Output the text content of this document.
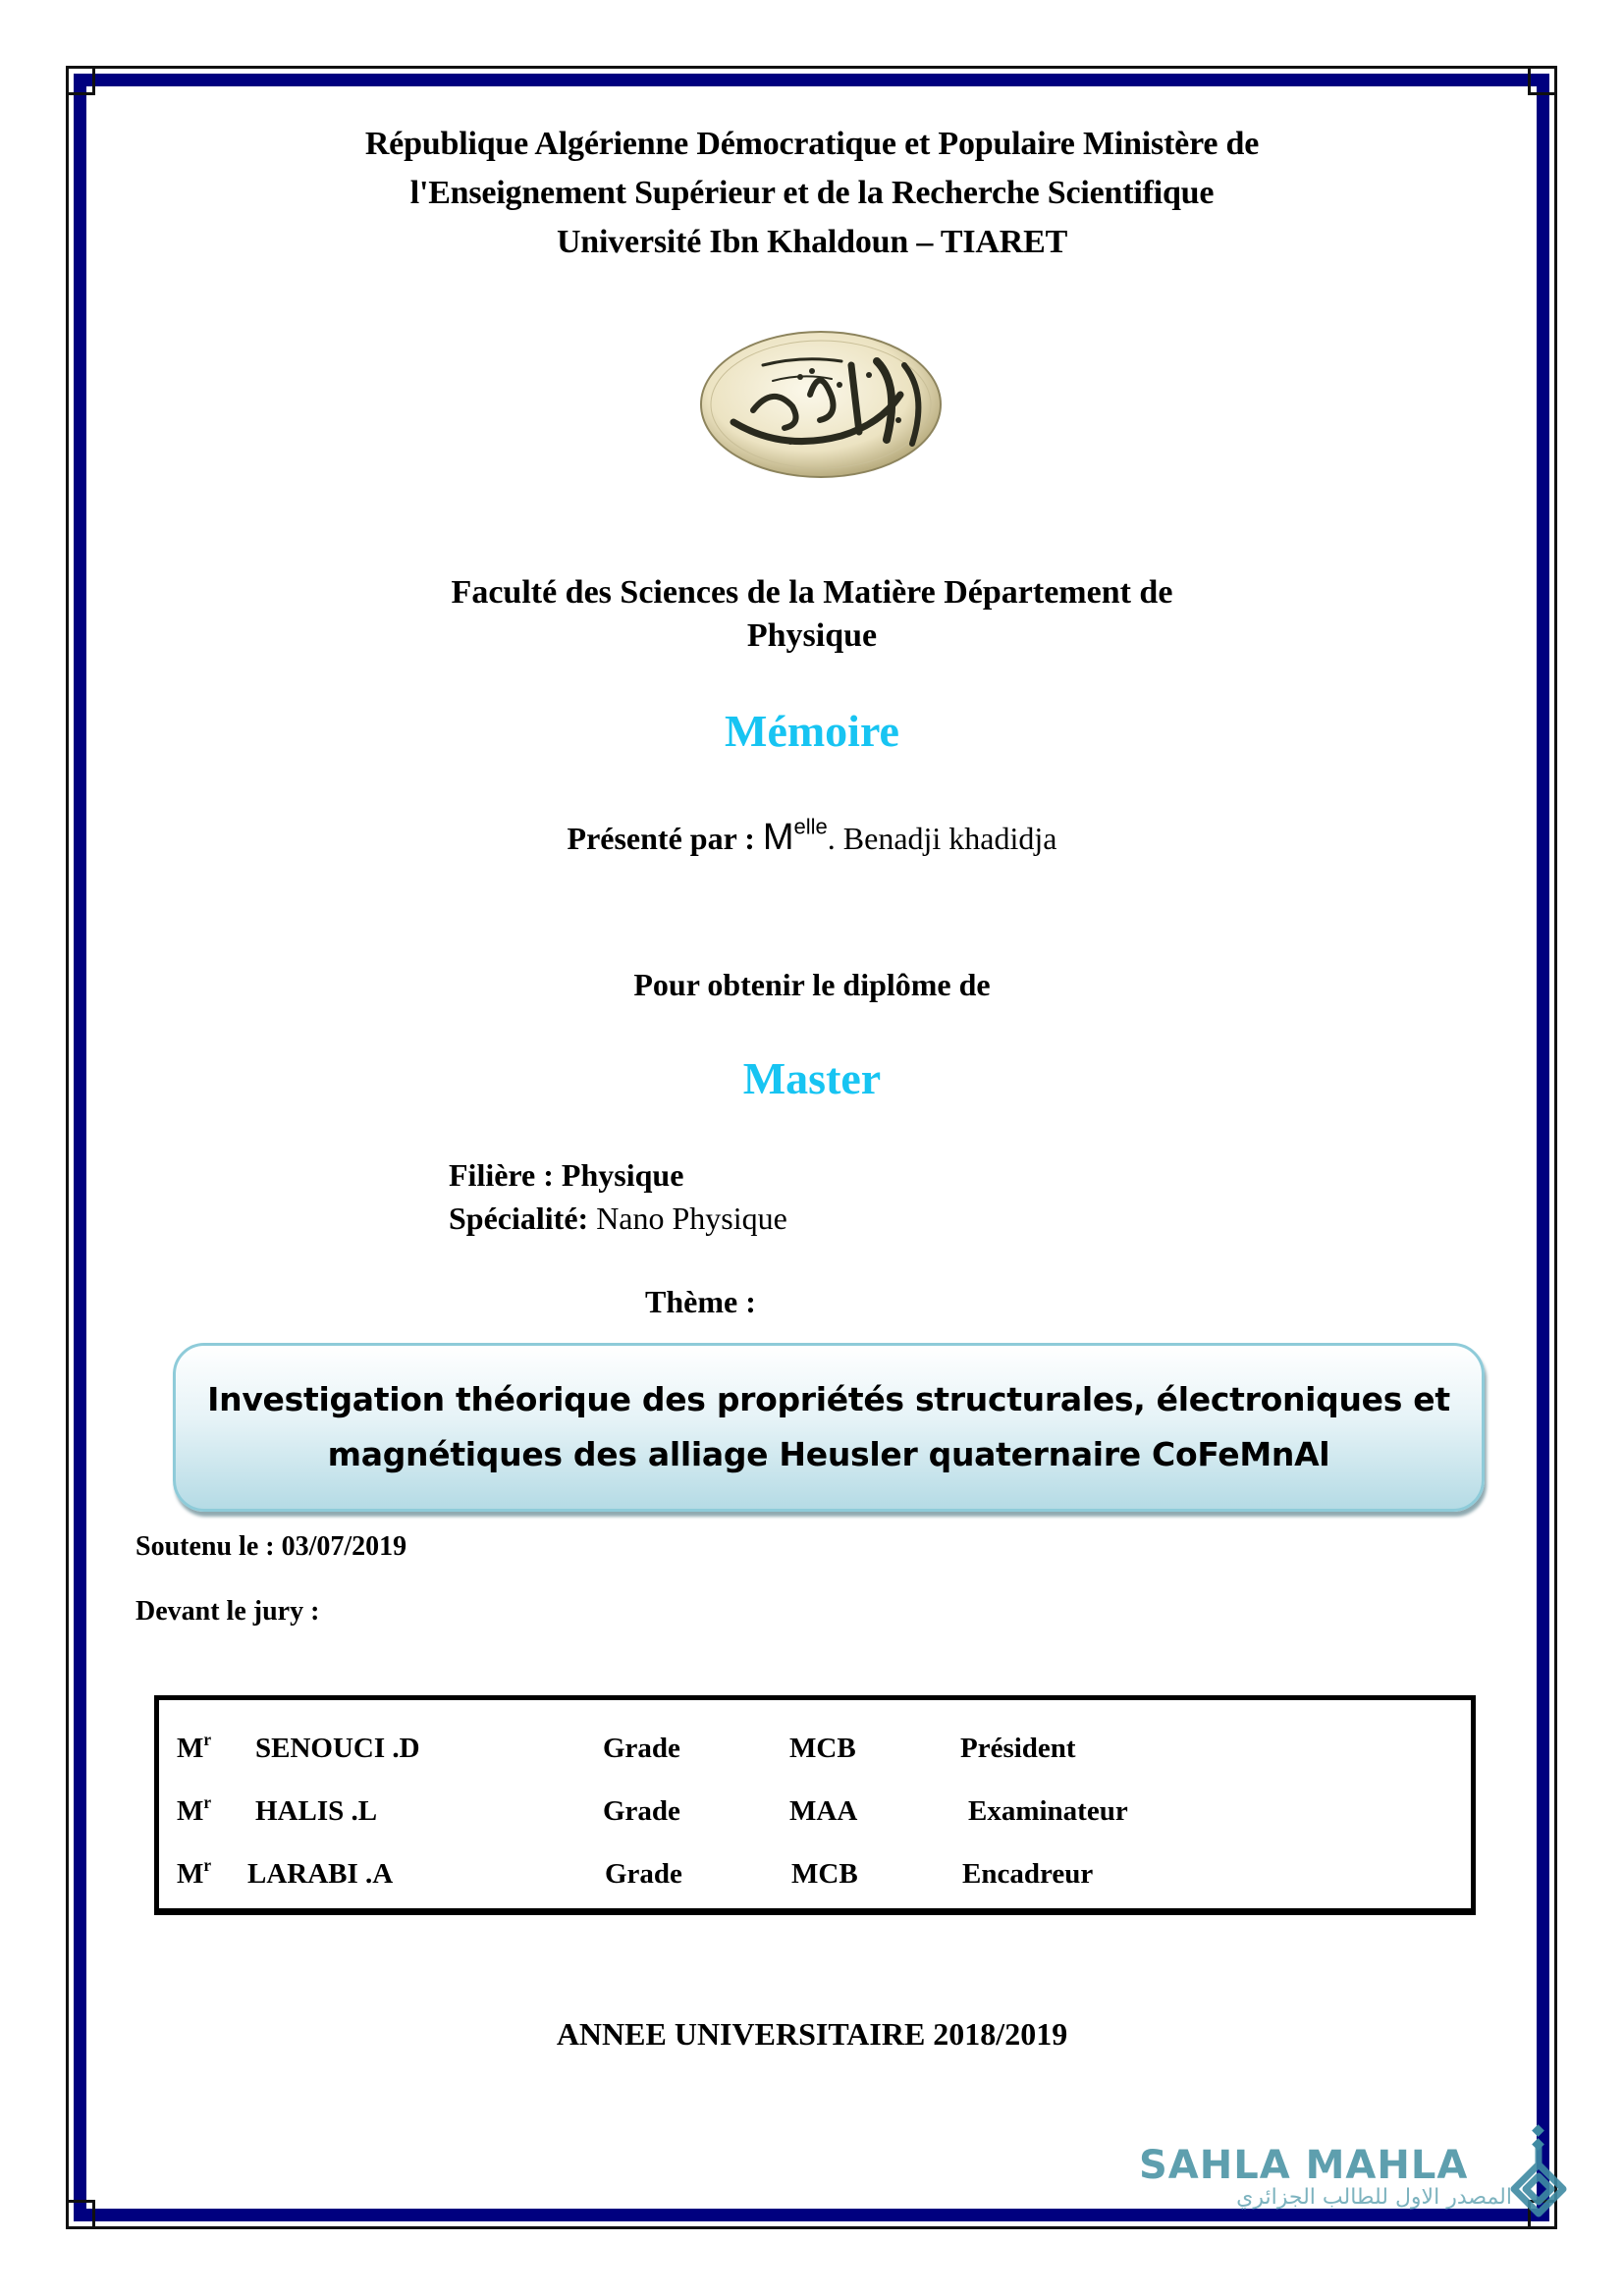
République Algérienne Démocratique et Populaire Ministère de
l'Enseignement Supérieur et de la Recherche Scientifique
Université Ibn Khaldoun – TIARET
Faculté des Sciences de la Matière Département de
Physique
Mémoire
Présenté par : $M^{elle}$. Benadji khadidja
Pour obtenir le diplôme de
Master
Filière : Physique
Spécialité: Nano Physique
Thème :
Investigation théorique des propriétés structurales, électroniques et
magnétiques des alliage Heusler quaternaire CoFeMnAl
Soutenu le : 03/07/2019
Devant le jury :
$M^r$ SENOUCI .D	Grade	MCB	Président
$M^r$ HALIS .L	Grade	MAA	Examinateur
$M^r$ LARABI .A	Grade	MCB	Encadreur
ANNEE UNIVERSITAIRE 2018/2019
SAHLA MAHLA
المصدر الاول للطالب الجزائري
